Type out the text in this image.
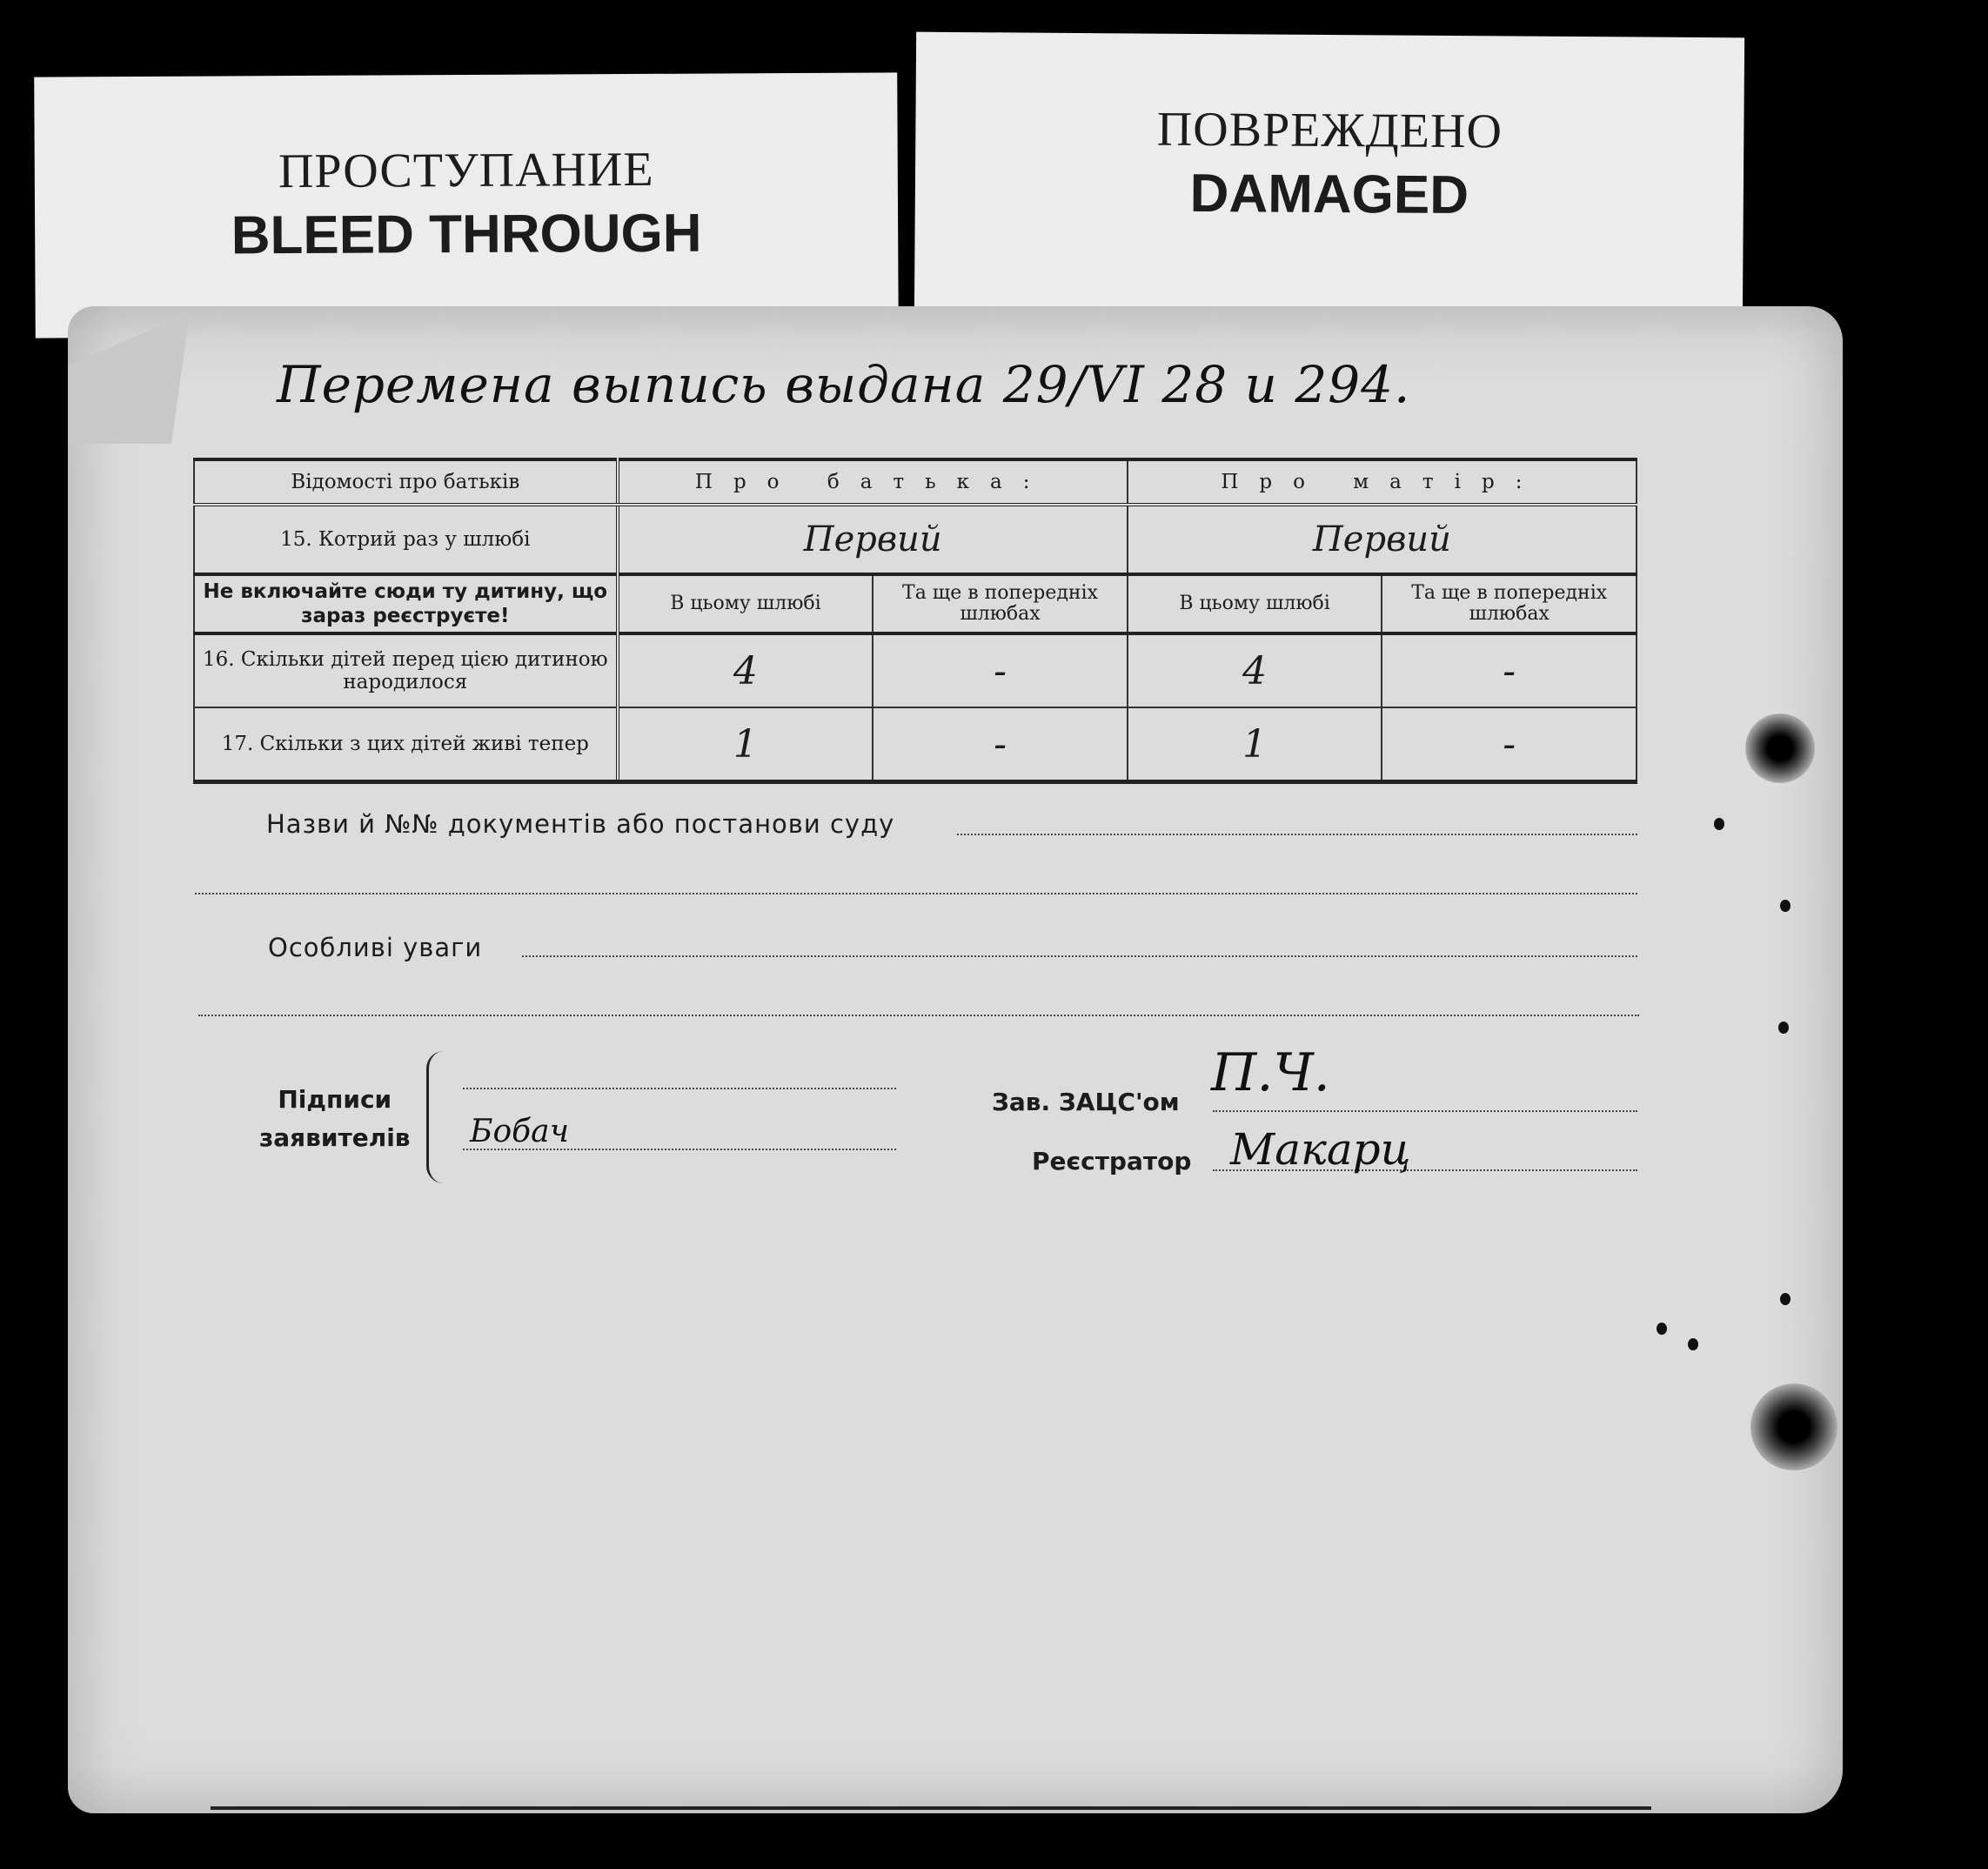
ПРОСТУПАНИЕ
BLEED THROUGH
ПОВРЕЖДЕНО
DAMAGED
Перемена выпись выдана 29/VI 28 и 294.
Відомості про батьків	Про батька:		Про матір:	
15. Котрий раз у шлюбі	Первий		Первий	
Не включайте сюди ту дитину, що зараз реєструєте!	В цьому шлюбі	Та ще в попередніх шлюбах	В цьому шлюбі	Та ще в попередніх шлюбах
16. Скільки дітей перед цією дитиною народилося	4	-	4	-
17. Скільки з цих дітей живі тепер	1	-	1	-
Назви й №№ документів або постанови суду
Особливі уваги
Підписи
заявителів Бобач
Зав. ЗАЦС'ом П.Ч.
Реєстратор Макарц
